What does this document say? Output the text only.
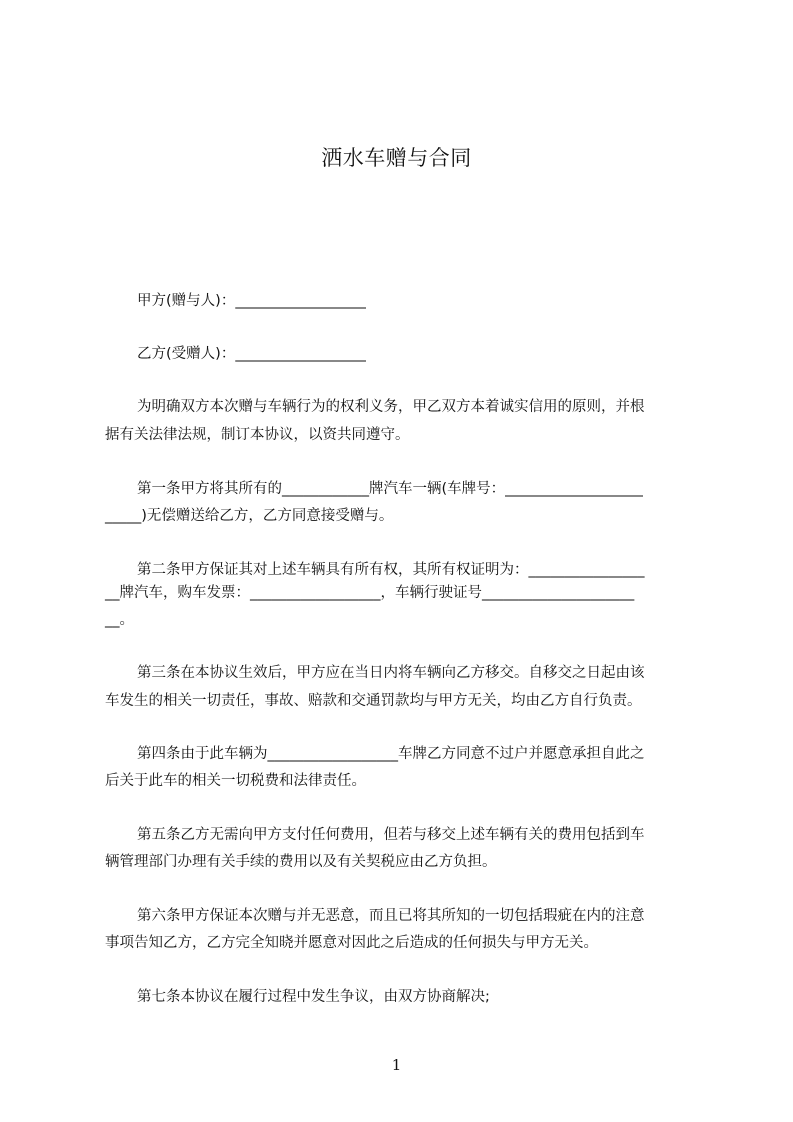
洒水车赠与合同
甲方(赠与人)：__________________
乙方(受赠人)：__________________
为明确双方本次赠与车辆行为的权利义务，甲乙双方本着诚实信用的原则，并根
据有关法律法规，制订本协议，以资共同遵守。
第一条甲方将其所有的____________牌汽车一辆(车牌号：___________________
_____)无偿赠送给乙方，乙方同意接受赠与。
第二条甲方保证其对上述车辆具有所有权，其所有权证明为：________________
__牌汽车，购车发票：__________________，车辆行驶证号_____________________
__。
第三条在本协议生效后，甲方应在当日内将车辆向乙方移交。自移交之日起由该
车发生的相关一切责任，事故、赔款和交通罚款均与甲方无关，均由乙方自行负责。
第四条由于此车辆为__________________车牌乙方同意不过户并愿意承担自此之
后关于此车的相关一切税费和法律责任。
第五条乙方无需向甲方支付任何费用，但若与移交上述车辆有关的费用包括到车
辆管理部门办理有关手续的费用以及有关契税应由乙方负担。
第六条甲方保证本次赠与并无恶意，而且已将其所知的一切包括瑕疵在内的注意
事项告知乙方，乙方完全知晓并愿意对因此之后造成的任何损失与甲方无关。
第七条本协议在履行过程中发生争议，由双方协商解决;
1
